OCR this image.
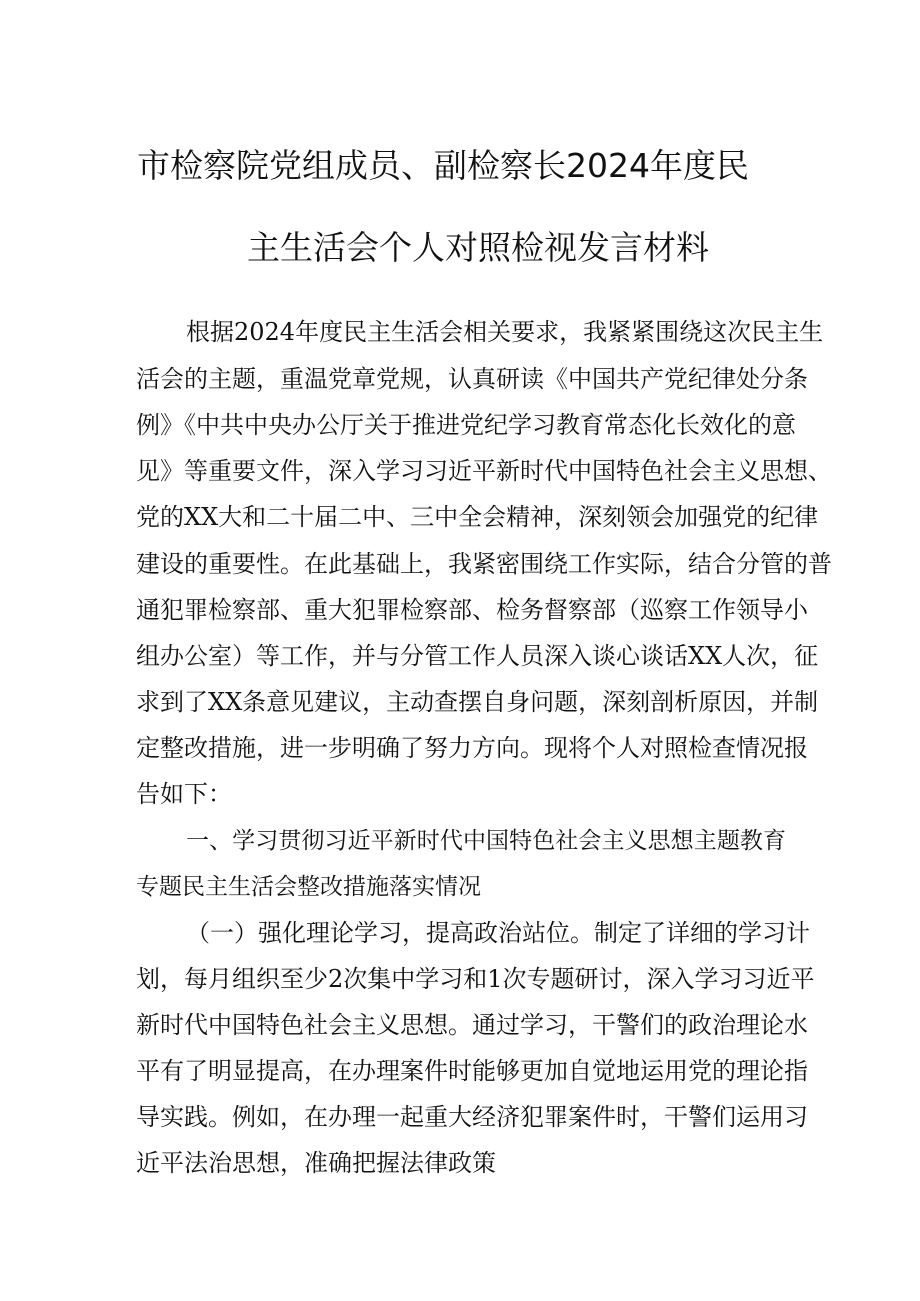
市检察院党组成员、副检察长2024年度民
主生活会个人对照检视发言材料
根据2024年度民主生活会相关要求，我紧紧围绕这次民主生
活会的主题，重温党章党规，认真研读《中国共产党纪律处分条
例》《中共中央办公厅关于推进党纪学习教育常态化长效化的意
见》等重要文件，深入学习习近平新时代中国特色社会主义思想、
党的XX大和二十届二中、三中全会精神，深刻领会加强党的纪律
建设的重要性。在此基础上，我紧密围绕工作实际，结合分管的普
通犯罪检察部、重大犯罪检察部、检务督察部（巡察工作领导小
组办公室）等工作，并与分管工作人员深入谈心谈话XX人次，征
求到了XX条意见建议，主动查摆自身问题，深刻剖析原因，并制
定整改措施，进一步明确了努力方向。现将个人对照检查情况报
告如下：
一、学习贯彻习近平新时代中国特色社会主义思想主题教育
专题民主生活会整改措施落实情况
（一）强化理论学习，提高政治站位。制定了详细的学习计
划，每月组织至少2次集中学习和1次专题研讨，深入学习习近平
新时代中国特色社会主义思想。通过学习，干警们的政治理论水
平有了明显提高，在办理案件时能够更加自觉地运用党的理论指
导实践。例如，在办理一起重大经济犯罪案件时，干警们运用习
近平法治思想，准确把握法律政策
